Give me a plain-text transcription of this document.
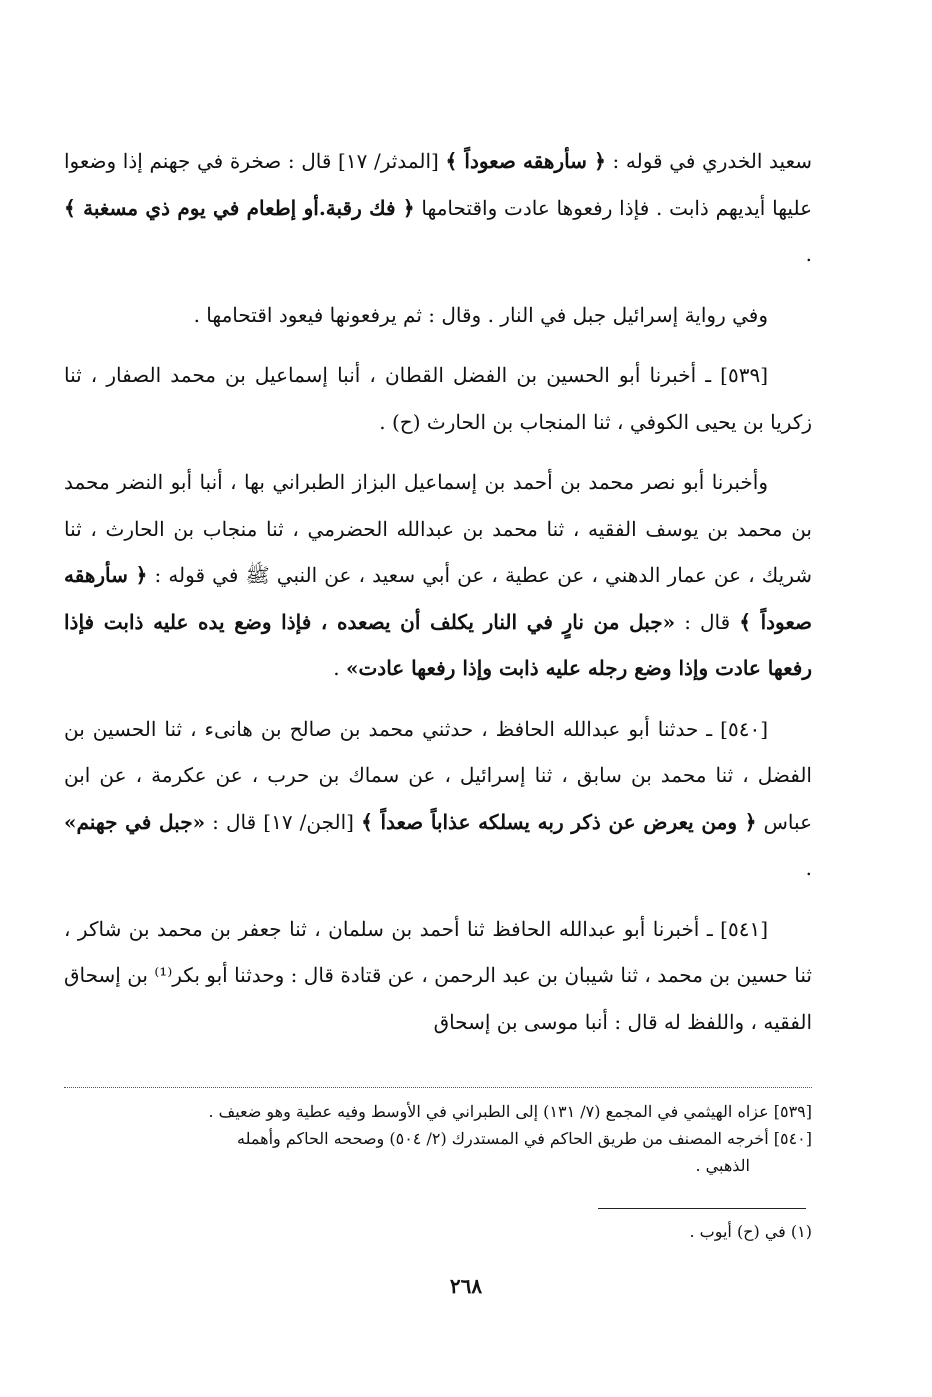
سعيد الخدري في قوله : ﴿ سأرهقه صعوداً ﴾ [المدثر/ ١٧] قال : صخرة في جهنم إذا وضعوا عليها أيديهم ذابت . فإذا رفعوها عادت واقتحامها ﴿ فك رقبة.أو إطعام في يوم ذي مسغبة ﴾ .

وفي رواية إسرائيل جبل في النار . وقال : ثم يرفعونها فيعود اقتحامها .

[٥٣٩] ـ أخبرنا أبو الحسين بن الفضل القطان ، أنبا إسماعيل بن محمد الصفار ، ثنا زكريا بن يحيى الكوفي ، ثنا المنجاب بن الحارث (ح) .

وأخبرنا أبو نصر محمد بن أحمد بن إسماعيل البزاز الطبراني بها ، أنبا أبو النضر محمد بن محمد بن يوسف الفقيه ، ثنا محمد بن عبدالله الحضرمي ، ثنا منجاب بن الحارث ، ثنا شريك ، عن عمار الدهني ، عن عطية ، عن أبي سعيد ، عن النبي ﷺ في قوله : ﴿ سأرهقه صعوداً ﴾ قال : «جبل من نارٍ في النار يكلف أن يصعده ، فإذا وضع يده عليه ذابت فإذا رفعها عادت وإذا وضع رجله عليه ذابت وإذا رفعها عادت» .

[٥٤٠] ـ حدثنا أبو عبدالله الحافظ ، حدثني محمد بن صالح بن هانىء ، ثنا الحسين بن الفضل ، ثنا محمد بن سابق ، ثنا إسرائيل ، عن سماك بن حرب ، عن عكرمة ، عن ابن عباس ﴿ ومن يعرض عن ذكر ربه يسلكه عذاباً صعداً ﴾ [الجن/ ١٧] قال : «جبل في جهنم» .

[٥٤١] ـ أخبرنا أبو عبدالله الحافظ ثنا أحمد بن سلمان ، ثنا جعفر بن محمد بن شاكر ، ثنا حسين بن محمد ، ثنا شيبان بن عبد الرحمن ، عن قتادة قال : وحدثنا أبو بكر⁽¹⁾ بن إسحاق الفقيه ، واللفظ له قال : أنبا موسى بن إسحاق

[٥٣٩] عزاه الهيثمي في المجمع (٧/ ١٣١) إلى الطبراني في الأوسط وفيه عطية وهو ضعيف .

[٥٤٠] أخرجه المصنف من طريق الحاكم في المستدرك (٢/ ٥٠٤) وصححه الحاكم وأهمله

الذهبي .

(١) في (ح) أيوب .
٢٦٨
